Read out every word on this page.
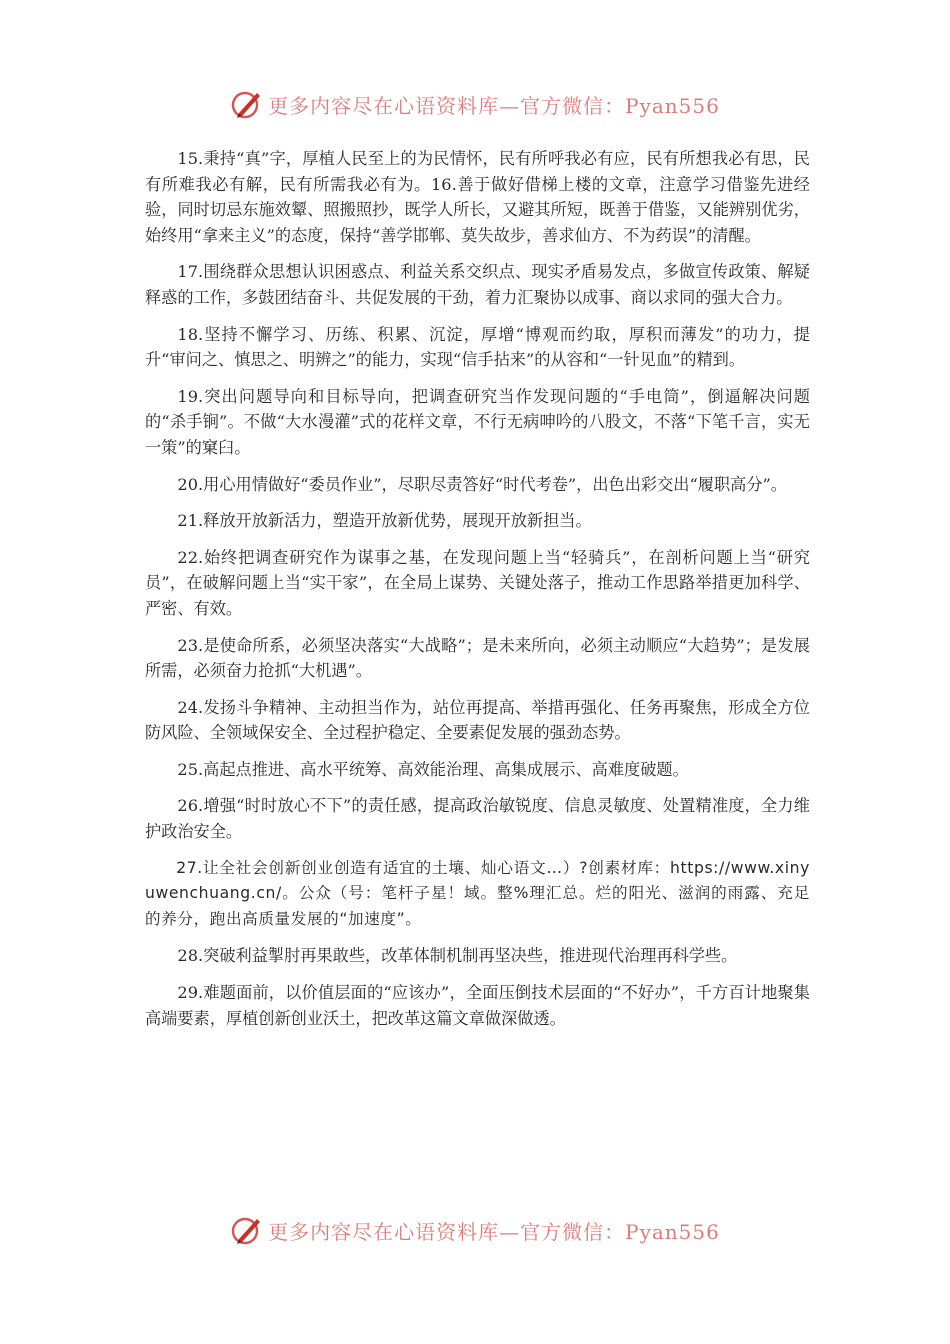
更多内容尽在心语资料库—官方微信：Pyan556

15.秉持“真”字，厚植人民至上的为民情怀，民有所呼我必有应，民有所想我必有思，民有所难我必有解，民有所需我必有为。16.善于做好借梯上楼的文章，注意学习借鉴先进经验，同时切忌东施效颦、照搬照抄，既学人所长，又避其所短，既善于借鉴，又能辨别优劣，始终用“拿来主义”的态度，保持“善学邯郸、莫失故步，善求仙方、不为药误”的清醒。

17.围绕群众思想认识困惑点、利益关系交织点、现实矛盾易发点，多做宣传政策、解疑释惑的工作，多鼓团结奋斗、共促发展的干劲，着力汇聚协以成事、商以求同的强大合力。

18.坚持不懈学习、历练、积累、沉淀，厚增“博观而约取，厚积而薄发”的功力，提升“审问之、慎思之、明辨之”的能力，实现“信手拈来”的从容和“一针见血”的精到。

19.突出问题导向和目标导向，把调查研究当作发现问题的“手电筒”，倒逼解决问题的“杀手锏”。不做“大水漫灌”式的花样文章，不行无病呻吟的八股文，不落“下笔千言，实无一策”的窠臼。

20.用心用情做好“委员作业”，尽职尽责答好“时代考卷”，出色出彩交出“履职高分”。

21.释放开放新活力，塑造开放新优势，展现开放新担当。

22.始终把调查研究作为谋事之基，在发现问题上当“轻骑兵”，在剖析问题上当“研究员”，在破解问题上当“实干家”，在全局上谋势、关键处落子，推动工作思路举措更加科学、严密、有效。

23.是使命所系，必须坚决落实“大战略”；是未来所向，必须主动顺应“大趋势”；是发展所需，必须奋力抢抓“大机遇”。

24.发扬斗争精神、主动担当作为，站位再提高、举措再强化、任务再聚焦，形成全方位防风险、全领域保安全、全过程护稳定、全要素促发展的强劲态势。

25.高起点推进、高水平统筹、高效能治理、高集成展示、高难度破题。

26.增强“时时放心不下”的责任感，提高政治敏锐度、信息灵敏度、处置精准度，全力维护政治安全。

27.让全社会创新创业创造有适宜的土壤、灿心语文…）?创素材库：https://www.xinyuwenchuang.cn/。公众（号：笔杆子星！域。整%理汇总。烂的阳光、滋润的雨露、充足的养分，跑出高质量发展的“加速度”。

28.突破利益掣肘再果敢些，改革体制机制再坚决些，推进现代治理再科学些。

29.难题面前，以价值层面的“应该办”，全面压倒技术层面的“不好办”，千方百计地聚集高端要素，厚植创新创业沃土，把改革这篇文章做深做透。

更多内容尽在心语资料库—官方微信：Pyan556
